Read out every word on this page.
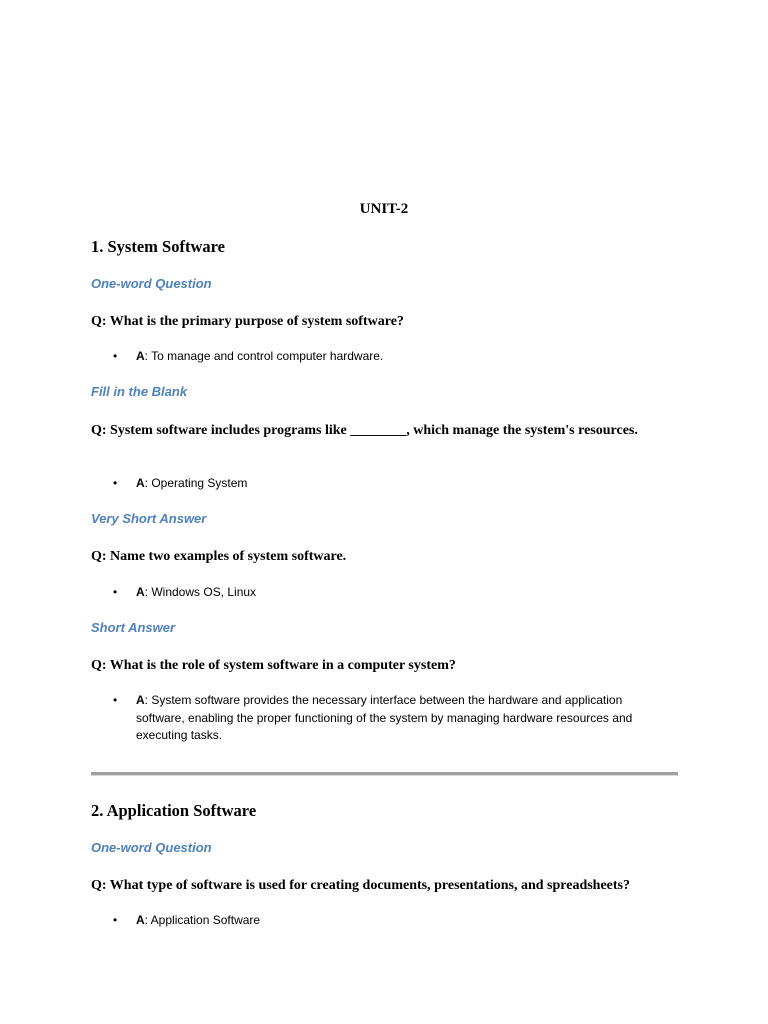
UNIT-2
1. System Software
One-word Question
Q: What is the primary purpose of system software?
•	A: To manage and control computer hardware.
Fill in the Blank
Q: System software includes programs like ________, which manage the system's resources.
•	A: Operating System
Very Short Answer
Q: Name two examples of system software.
•	A: Windows OS, Linux
Short Answer
Q: What is the role of system software in a computer system?
•	A: System software provides the necessary interface between the hardware and application software, enabling the proper functioning of the system by managing hardware resources and executing tasks.
2. Application Software
One-word Question
Q: What type of software is used for creating documents, presentations, and spreadsheets?
•	A: Application Software
